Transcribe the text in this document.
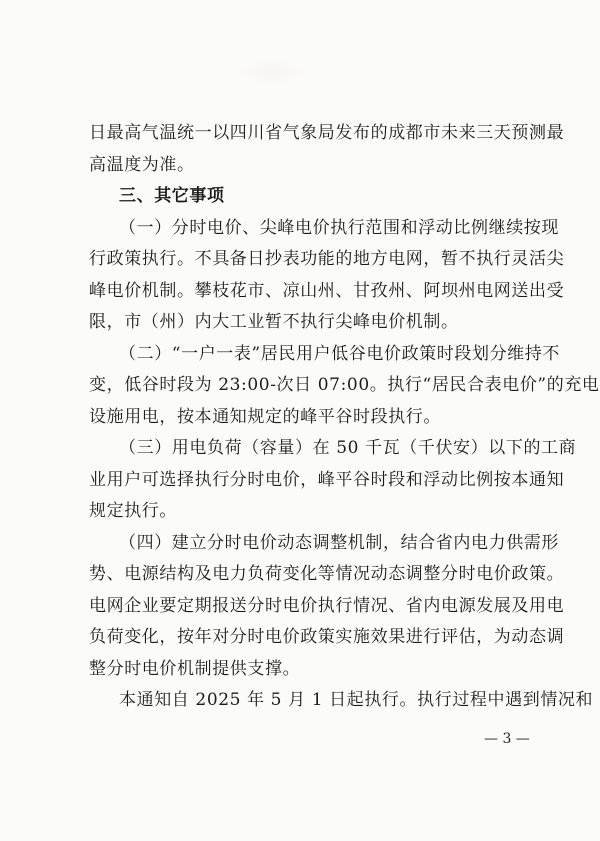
日最高气温统一以四川省气象局发布的成都市未来三天预测最
高温度为准。
三、其它事项
（一）分时电价、尖峰电价执行范围和浮动比例继续按现
行政策执行。不具备日抄表功能的地方电网，暂不执行灵活尖
峰电价机制。攀枝花市、凉山州、甘孜州、阿坝州电网送出受
限，市（州）内大工业暂不执行尖峰电价机制。
（二）“一户一表”居民用户低谷电价政策时段划分维持不
变，低谷时段为 23:00-次日 07:00。执行“居民合表电价”的充电
设施用电，按本通知规定的峰平谷时段执行。
（三）用电负荷（容量）在 50 千瓦（千伏安）以下的工商
业用户可选择执行分时电价，峰平谷时段和浮动比例按本通知
规定执行。
（四）建立分时电价动态调整机制，结合省内电力供需形
势、电源结构及电力负荷变化等情况动态调整分时电价政策。
电网企业要定期报送分时电价执行情况、省内电源发展及用电
负荷变化，按年对分时电价政策实施效果进行评估，为动态调
整分时电价机制提供支撑。
本通知自 2025 年 5 月 1 日起执行。执行过程中遇到情况和
— 3 —
